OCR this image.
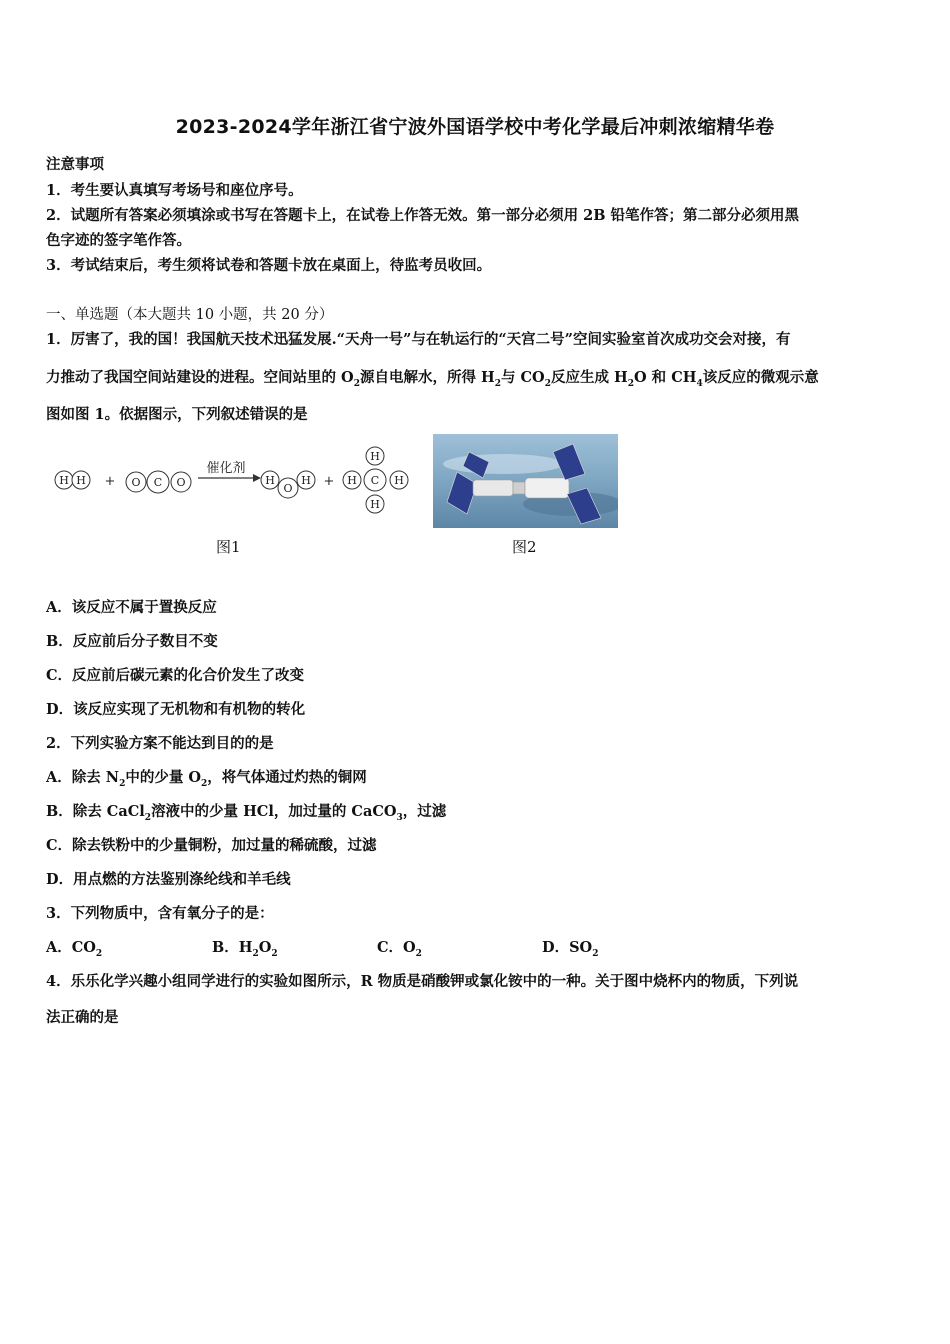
2023-2024学年浙江省宁波外国语学校中考化学最后冲刺浓缩精华卷
注意事项
1．考生要认真填写考场号和座位序号。
2．试题所有答案必须填涂或书写在答题卡上，在试卷上作答无效。第一部分必须用 2B 铅笔作答；第二部分必须用黑
色字迹的签字笔作答。
3．考试结束后，考生须将试卷和答题卡放在桌面上，待监考员收回。
一、单选题（本大题共 10 小题，共 20 分）
1．厉害了，我的国！我国航天技术迅猛发展.“天舟一号”与在轨运行的“天宫二号”空间实验室首次成功交会对接，有
力推动了我国空间站建设的进程。空间站里的 $O_2$源自电解水，所得 $H_2$与 $CO_2$反应生成 $H_2O$ 和 $CH_4$该反应的微观示意
图如图 1。依据图示，下列叙述错误的是
H H + O C O
催化剂
H
O
H +
H
H C H
H
图1	图2
A．该反应不属于置换反应
B．反应前后分子数目不变
C．反应前后碳元素的化合价发生了改变
D．该反应实现了无机物和有机物的转化
2．下列实验方案不能达到目的的是
A．除去 $N_2$中的少量 $O_2$，将气体通过灼热的铜网
B．除去 CaCl$_2$溶液中的少量 HCl，加过量的 CaCO$_3$，过滤
C．除去铁粉中的少量铜粉，加过量的稀硫酸，过滤
D．用点燃的方法鉴别涤纶线和羊毛线
3．下列物质中，含有氧分子的是：
A．$CO_2$	B．$H_2O_2$	C．$O_2$	D．$SO_2$
4．乐乐化学兴趣小组同学进行的实验如图所示，R 物质是硝酸钾或氯化铵中的一种。关于图中烧杯内的物质，下列说
法正确的是
